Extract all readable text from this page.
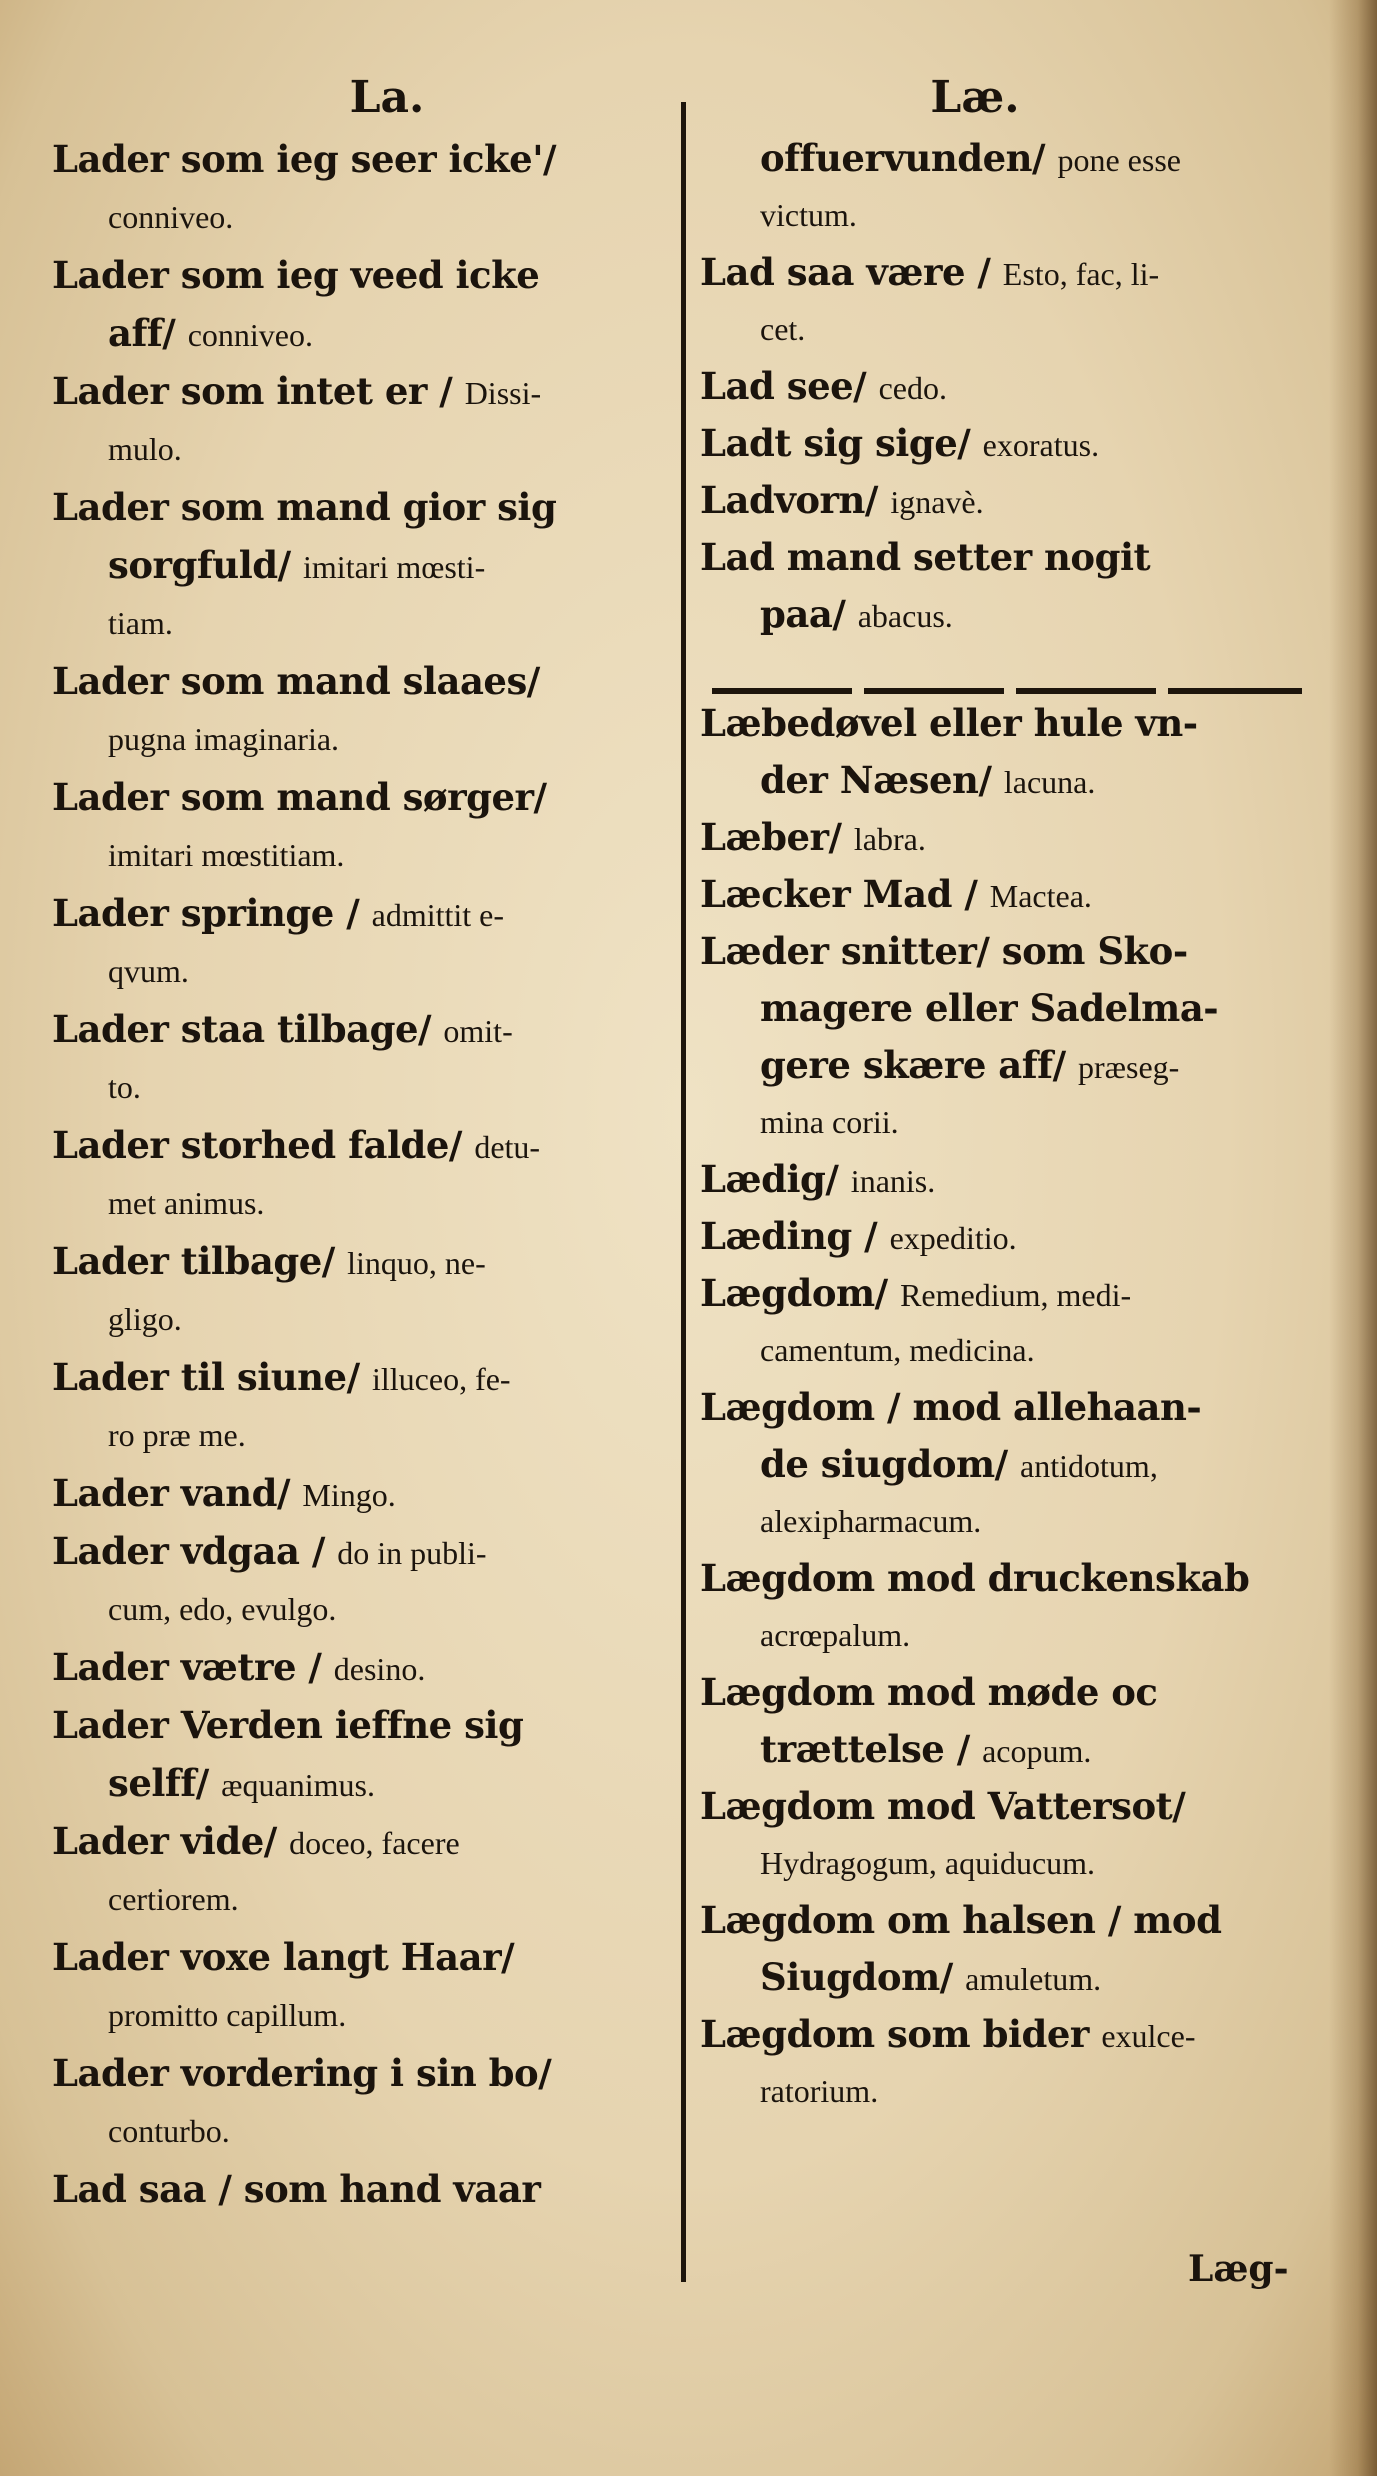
La.
Lader som ieg seer icke'/
conniveo.
Lader som ieg veed icke
aff/ conniveo.
Lader som intet er / Dissi-
mulo.
Lader som mand gior sig
sorgfuld/ imitari mœsti-
tiam.
Lader som mand slaaes/
pugna imaginaria.
Lader som mand sørger/
imitari mœstitiam.
Lader springe / admittit e-
qvum.
Lader staa tilbage/ omit-
to.
Lader storhed falde/ detu-
met animus.
Lader tilbage/ linquo, ne-
gligo.
Lader til siune/ illuceo, fe-
ro præ me.
Lader vand/ Mingo.
Lader vdgaa / do in publi-
cum, edo, evulgo.
Lader vætre / desino.
Lader Verden ieffne sig
selff/ æquanimus.
Lader vide/ doceo, facere
certiorem.
Lader voxe langt Haar/
promitto capillum.
Lader vordering i sin bo/
conturbo.
Lad saa / som hand vaar
Læ.
offuervunden/ pone esse
victum.
Lad saa være / Esto, fac, li-
cet.
Lad see/ cedo.
Ladt sig sige/ exoratus.
Ladvorn/ ignavè.
Lad mand setter nogit
paa/ abacus.
Læbedøvel eller hule vn-
der Næsen/ lacuna.
Læber/ labra.
Læcker Mad / Mactea.
Læder snitter/ som Sko-
magere eller Sadelma-
gere skære aff/ præseg-
mina corii.
Lædig/ inanis.
Læding / expeditio.
Lægdom/ Remedium, medi-
camentum, medicina.
Lægdom / mod allehaan-
de siugdom/ antidotum,
alexipharmacum.
Lægdom mod druckenskab
acrœpalum.
Lægdom mod møde oc
trættelse / acopum.
Lægdom mod Vattersot/
Hydragogum, aquiducum.
Lægdom om halsen / mod
Siugdom/ amuletum.
Lægdom som bider exulce-
ratorium.
Læg-
